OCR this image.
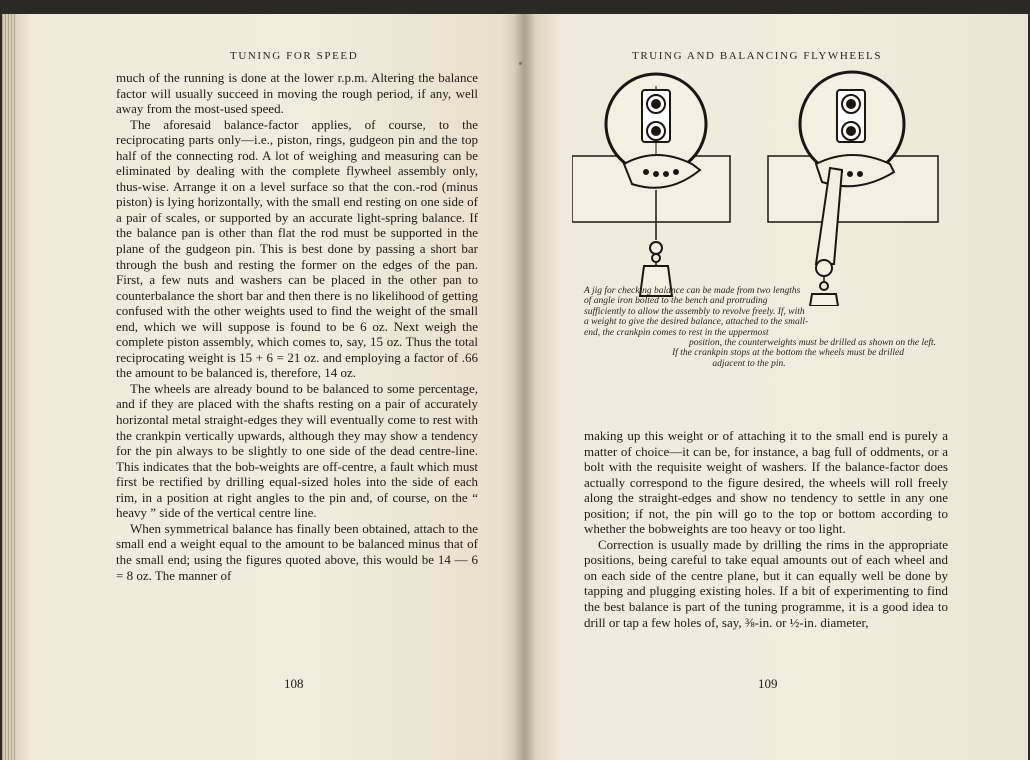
TUNING FOR SPEED

much of the running is done at the lower r.p.m. Altering the balance factor will usually succeed in moving the rough period, if any, well away from the most-used speed.

The aforesaid balance-factor applies, of course, to the reciprocating parts only—i.e., piston, rings, gudgeon pin and the top half of the connecting rod. A lot of weighing and measuring can be eliminated by dealing with the complete flywheel assembly only, thus-wise. Arrange it on a level surface so that the con.-rod (minus piston) is lying horizontally, with the small end resting on one side of a pair of scales, or supported by an accurate light-spring balance. If the balance pan is other than flat the rod must be supported in the plane of the gudgeon pin. This is best done by passing a short bar through the bush and resting the former on the edges of the pan. First, a few nuts and washers can be placed in the other pan to counterbalance the short bar and then there is no likelihood of getting confused with the other weights used to find the weight of the small end, which we will suppose is found to be 6 oz. Next weigh the complete piston assembly, which comes to, say, 15 oz. Thus the total reciprocating weight is 15 + 6 = 21 oz. and employing a factor of .66 the amount to be balanced is, therefore, 14 oz.

The wheels are already bound to be balanced to some percentage, and if they are placed with the shafts resting on a pair of accurately horizontal metal straight-edges they will eventually come to rest with the crankpin vertically upwards, although they may show a tendency for the pin always to be slightly to one side of the dead centre-line. This indicates that the bob-weights are off-centre, a fault which must first be rectified by drilling equal-sized holes into the side of each rim, in a position at right angles to the pin and, of course, on the “ heavy ” side of the vertical centre line.

When symmetrical balance has finally been obtained, attach to the small end a weight equal to the amount to be balanced minus that of the small end; using the figures quoted above, this would be 14 — 6 = 8 oz. The manner of

108
TRUING AND BALANCING FLYWHEELS
A jig for checking balance can be made from two lengths of angle iron bolted to the bench and protruding sufficiently to allow the assembly to revolve freely. If, with a weight to give the desired balance, attached to the small-end, the crankpin comes to rest in the uppermost
position, the counterweights must be drilled as shown on the left.
If the crankpin stops at the bottom the wheels must be drilled
adjacent to the pin.

making up this weight or of attaching it to the small end is purely a matter of choice—it can be, for instance, a bag full of oddments, or a bolt with the requisite weight of washers. If the balance-factor does actually correspond to the figure desired, the wheels will roll freely along the straight-edges and show no tendency to settle in any one position; if not, the pin will go to the top or bottom according to whether the bobweights are too heavy or too light.

Correction is usually made by drilling the rims in the appropriate positions, being careful to take equal amounts out of each wheel and on each side of the centre plane, but it can equally well be done by tapping and plugging existing holes. If a bit of experimenting to find the best balance is part of the tuning programme, it is a good idea to drill or tap a few holes of, say, ⅜-in. or ½-in. diameter,

109
